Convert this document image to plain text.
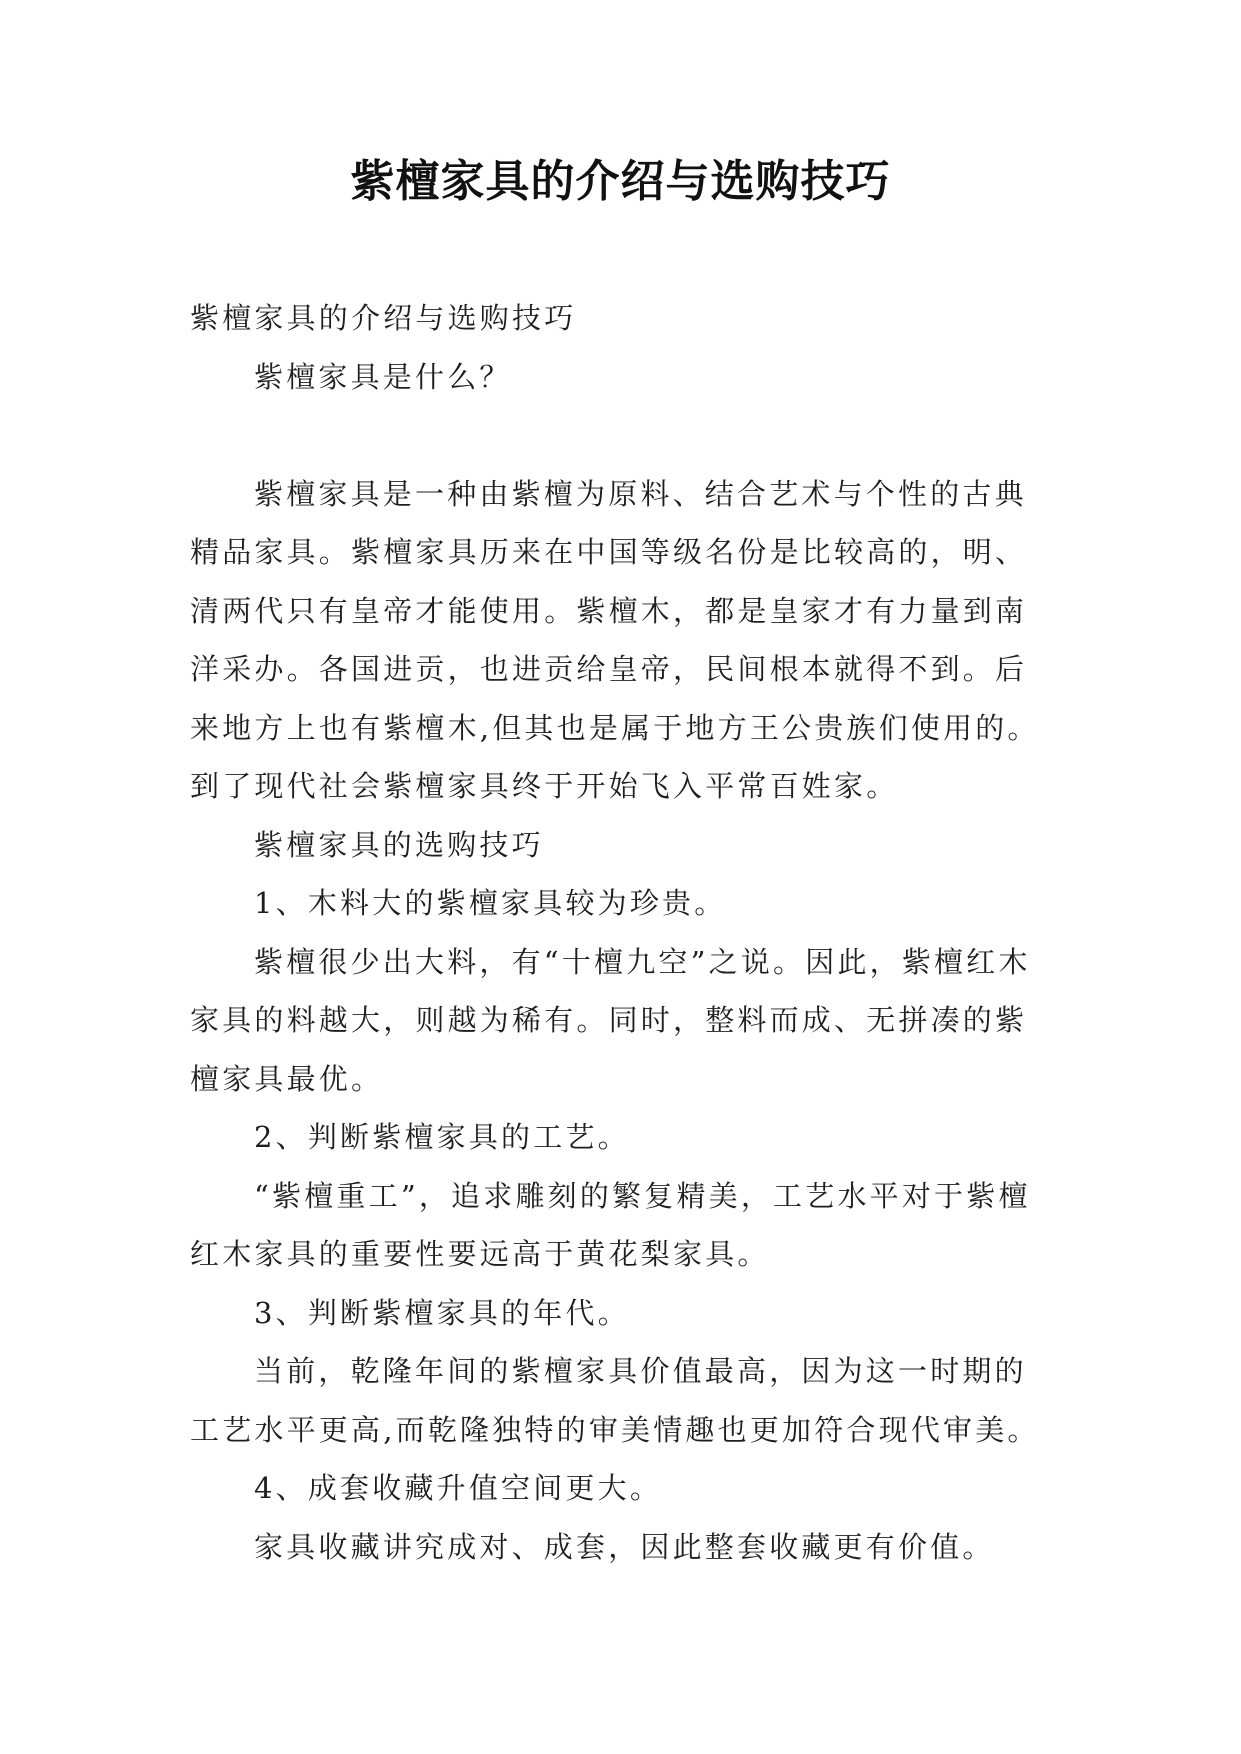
紫檀家具的介绍与选购技巧

紫檀家具的介绍与选购技巧

紫檀家具是什么？

紫檀家具是一种由紫檀为原料、结合艺术与个性的古典精品家具。紫檀家具历来在中国等级名份是比较高的，明、清两代只有皇帝才能使用。紫檀木，都是皇家才有力量到南洋采办。各国进贡，也进贡给皇帝，民间根本就得不到。后来地方上也有紫檀木,但其也是属于地方王公贵族们使用的。到了现代社会紫檀家具终于开始飞入平常百姓家。

紫檀家具的选购技巧

1、木料大的紫檀家具较为珍贵。

紫檀很少出大料，有“十檀九空”之说。因此，紫檀红木家具的料越大，则越为稀有。同时，整料而成、无拼凑的紫檀家具最优。

2、判断紫檀家具的工艺。

“紫檀重工”，追求雕刻的繁复精美，工艺水平对于紫檀红木家具的重要性要远高于黄花梨家具。

3、判断紫檀家具的年代。

当前，乾隆年间的紫檀家具价值最高，因为这一时期的工艺水平更高,而乾隆独特的审美情趣也更加符合现代审美。

4、成套收藏升值空间更大。

家具收藏讲究成对、成套，因此整套收藏更有价值。
